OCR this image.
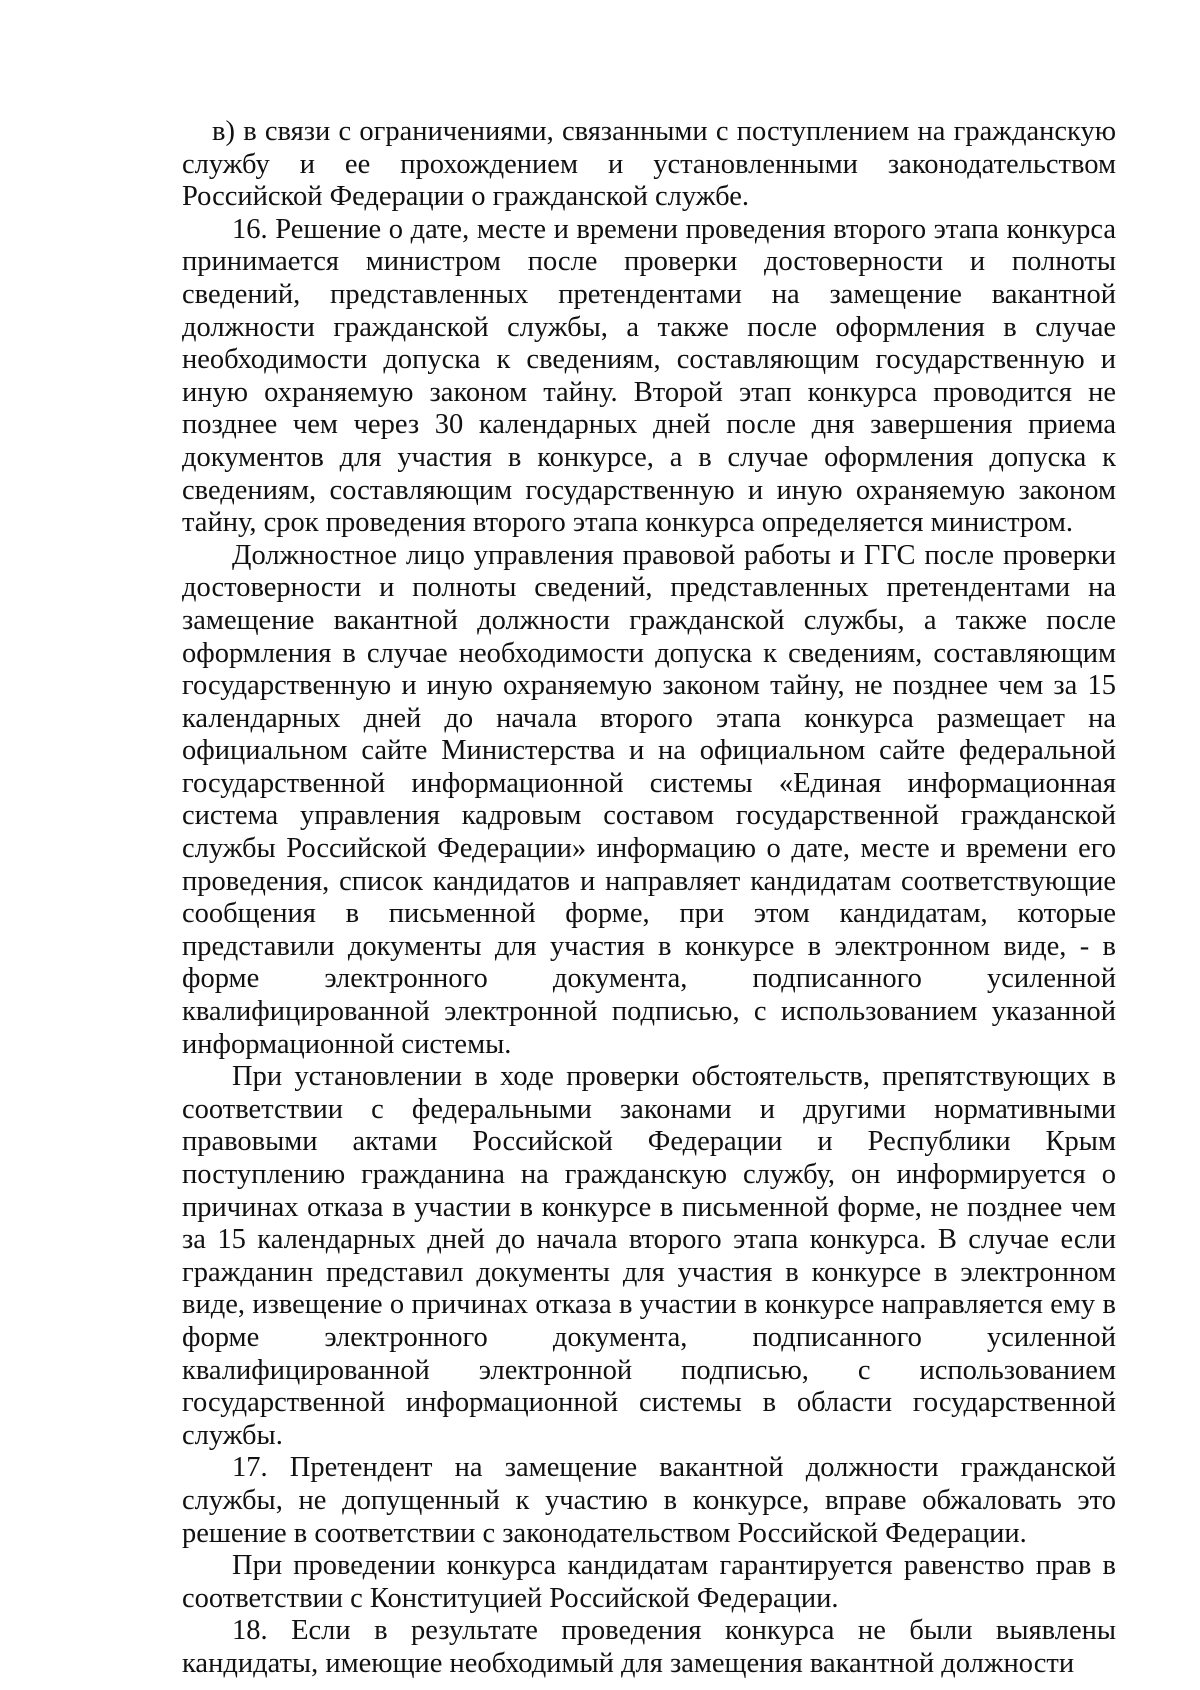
в) в связи с ограничениями, связанными с поступлением на гражданскую службу и ее прохождением и установленными законодательством Российской Федерации о гражданской службе.

16. Решение о дате, месте и времени проведения второго этапа конкурса принимается министром после проверки достоверности и полноты сведений, представленных претендентами на замещение вакантной должности гражданской службы, а также после оформления в случае необходимости допуска к сведениям, составляющим государственную и иную охраняемую законом тайну. Второй этап конкурса проводится не позднее чем через 30 календарных дней после дня завершения приема документов для участия в конкурсе, а в случае оформления допуска к сведениям, составляющим государственную и иную охраняемую законом тайну, срок проведения второго этапа конкурса определяется министром.

Должностное лицо управления правовой работы и ГГС после проверки достоверности и полноты сведений, представленных претендентами на замещение вакантной должности гражданской службы, а также после оформления в случае необходимости допуска к сведениям, составляющим государственную и иную охраняемую законом тайну, не позднее чем за 15 календарных дней до начала второго этапа конкурса размещает на официальном сайте Министерства и на официальном сайте федеральной государственной информационной системы «Единая информационная система управления кадровым составом государственной гражданской службы Российской Федерации» информацию о дате, месте и времени его проведения, список кандидатов и направляет кандидатам соответствующие сообщения в письменной форме, при этом кандидатам, которые представили документы для участия в конкурсе в электронном виде, - в форме электронного документа, подписанного усиленной квалифицированной электронной подписью, с использованием указанной информационной системы.

При установлении в ходе проверки обстоятельств, препятствующих в соответствии с федеральными законами и другими нормативными правовыми актами Российской Федерации и Республики Крым поступлению гражданина на гражданскую службу, он информируется о причинах отказа в участии в конкурсе в письменной форме, не позднее чем за 15 календарных дней до начала второго этапа конкурса. В случае если гражданин представил документы для участия в конкурсе в электронном виде, извещение о причинах отказа в участии в конкурсе направляется ему в форме электронного документа, подписанного усиленной квалифицированной электронной подписью, с использованием государственной информационной системы в области государственной службы.

17. Претендент на замещение вакантной должности гражданской службы, не допущенный к участию в конкурсе, вправе обжаловать это решение в соответствии с законодательством Российской Федерации.

При проведении конкурса кандидатам гарантируется равенство прав в соответствии с Конституцией Российской Федерации.

18. Если в результате проведения конкурса не были выявлены кандидаты, имеющие необходимый для замещения вакантной должности
